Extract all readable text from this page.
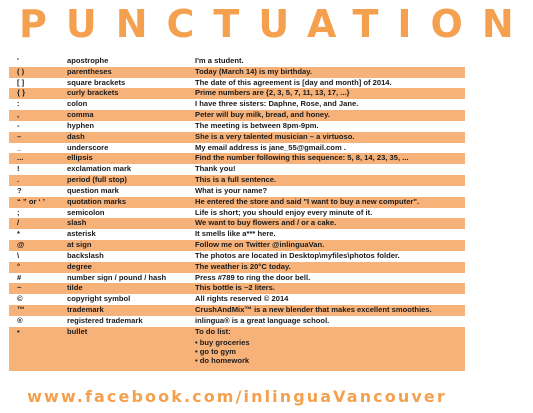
PUNCTUATION
'	apostrophe	I'm a student.
( )	parentheses	Today (March 14) is my birthday.
[ ]	square brackets	The date of this agreement is [day and month] of 2014.
{ }	curly brackets	Prime numbers are {2, 3, 5, 7, 11, 13, 17, ...}
:	colon	I have three sisters: Daphne, Rose, and Jane.
,	comma	Peter will buy milk, bread, and honey.
-	hyphen	The meeting is between 8pm-9pm.
–	dash	She is a very talented musician – a virtuoso.
_	underscore	My email address is jane_55@gmail.com .
...	ellipsis	Find the number following this sequence: 5, 8, 14, 23, 35, ...
!	exclamation mark	Thank you!
.	period (full stop)	This is a full sentence.
?	question mark	What is your name?
“ ” or ‘ ’	quotation marks	He entered the store and said "I want to buy a new computer".
;	semicolon	Life is short; you should enjoy every minute of it.
/	slash	We want to buy flowers and / or a cake.
*	asterisk	It smells like a*** here.
@	at sign	Follow me on Twitter @inlinguaVan.
\	backslash	The photos are located in Desktop\myfiles\photos folder.
°	degree	The weather is 20°C today.
#	number sign / pound / hash	Press #789 to ring the door bell.
~	tilde	This bottle is ~2 liters.
©	copyright symbol	All rights reserved © 2014
™	trademark	CrushAndMix™ is a new blender that makes excellent smoothies.
®	registered trademark	inlingua® is a great language school.
•	bullet	To do list:
• buy groceries
• go to gym
• do homework
www.facebook.com/inlinguaVancouver
